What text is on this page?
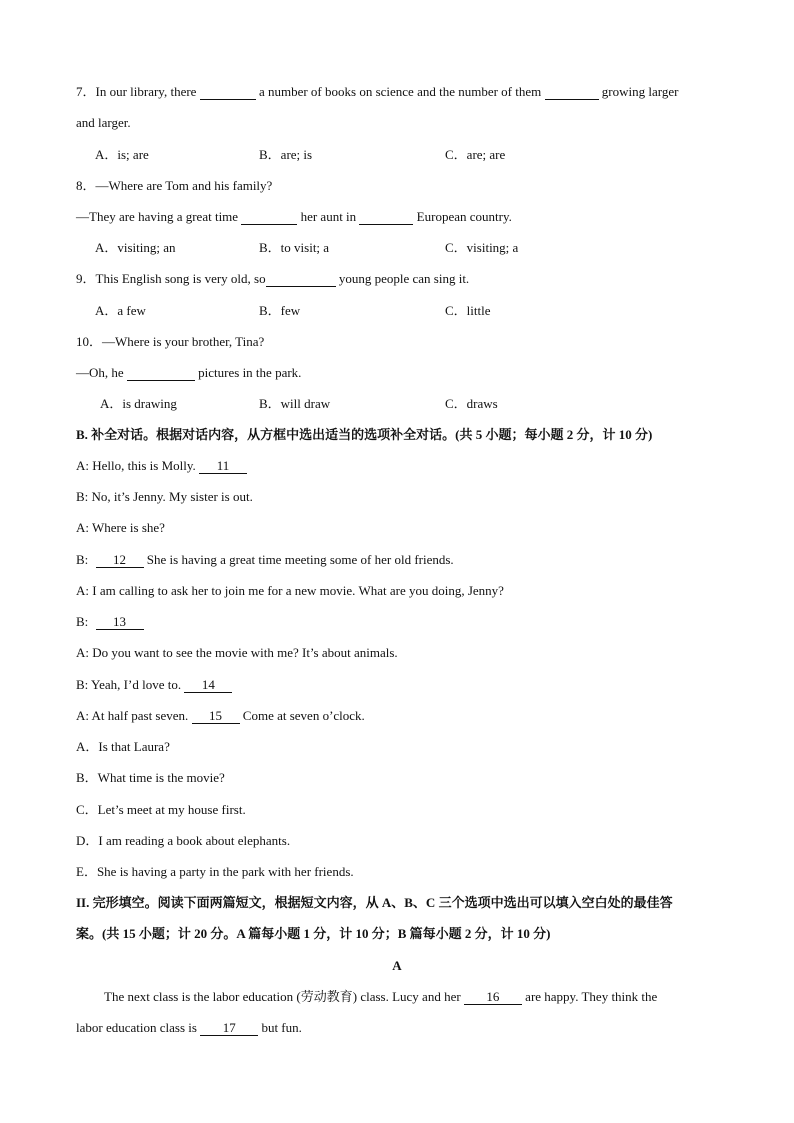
7．In our library, there	a number of books on science and the number of them	growing larger
and larger.
A．is; are	B．are; is	C．are; are
8．—Where are Tom and his family?
—They are having a great time	her aunt in	European country.
A．visiting; an	B．to visit; a	C．visiting; a
9．This English song is very old, so	young people can sing it.
A．a few	B．few	C．little
10．—Where is your brother, Tina?
—Oh, he	pictures in the park.
A．is drawing	B．will draw	C．draws
B. 补全对话。根据对话内容，从方框中选出适当的选项补全对话。(共 5 小题；每小题 2 分，计 10 分)
A: Hello, this is Molly. 11
B: No, it’s Jenny. My sister is out.
A: Where is she?
B: 12 She is having a great time meeting some of her old friends.
A: I am calling to ask her to join me for a new movie. What are you doing, Jenny?
B: 13
A: Do you want to see the movie with me? It’s about animals.
B: Yeah, I’d love to. 14
A: At half past seven. 15 Come at seven o’clock.
A．Is that Laura?
B．What time is the movie?
C．Let’s meet at my house first.
D．I am reading a book about elephants.
E．She is having a party in the park with her friends.
II. 完形填空。阅读下面两篇短文，根据短文内容，从 A、B、C 三个选项中选出可以填入空白处的最佳答
案。(共 15 小题；计 20 分。A 篇每小题 1 分，计 10 分；B 篇每小题 2 分，计 10 分)
A
The next class is the labor education (劳动教育) class. Lucy and her 16 are happy. They think the
labor education class is 17 but fun.
